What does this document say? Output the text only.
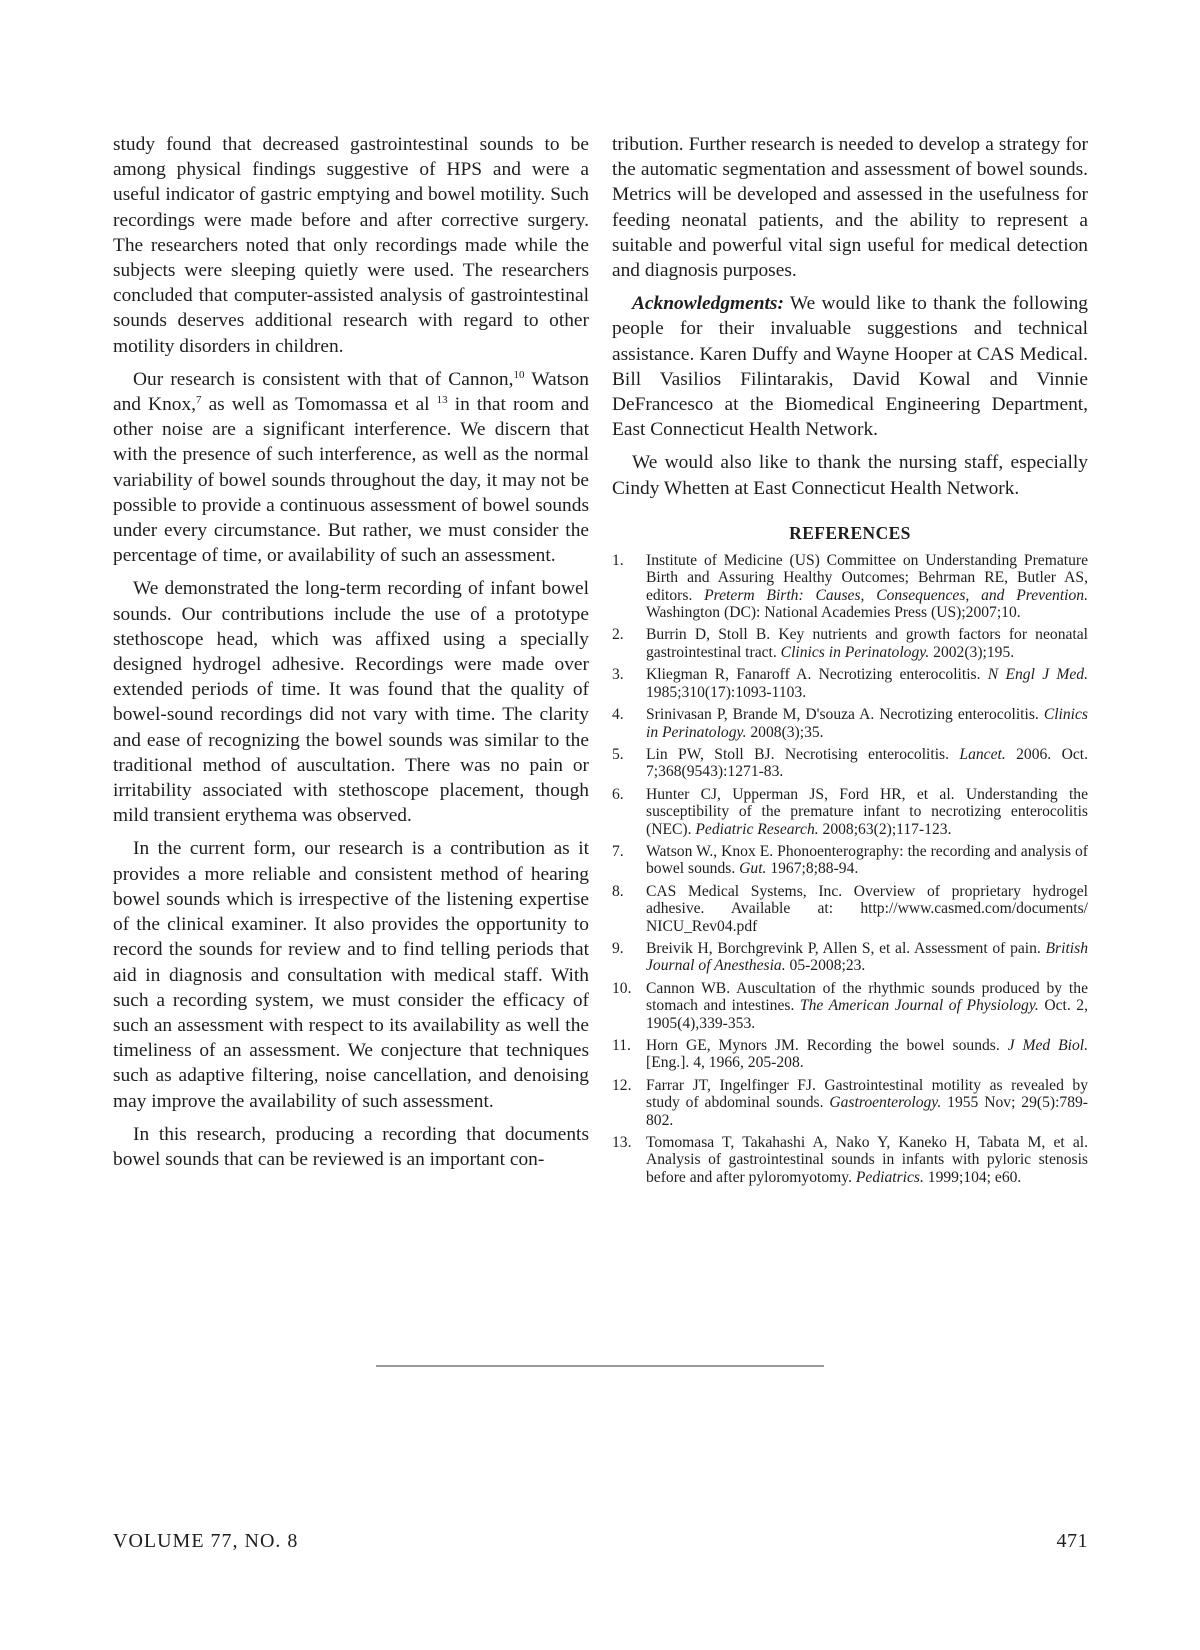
study found that decreased gastrointestinal sounds to be among physical findings suggestive of HPS and were a useful indicator of gastric emptying and bowel motility. Such recordings were made before and after corrective surgery. The researchers noted that only recordings made while the subjects were sleeping quietly were used. The researchers concluded that computer-assisted analysis of gastrointestinal sounds deserves additional research with regard to other motility disorders in children.

Our research is consistent with that of Cannon,$^{10}$ Watson and Knox,$^7$ as well as Tomomassa et al $^{13}$ in that room and other noise are a significant interference. We discern that with the presence of such interference, as well as the normal variability of bowel sounds throughout the day, it may not be possible to provide a continuous assessment of bowel sounds under every circumstance. But rather, we must consider the percentage of time, or availability of such an assessment.

We demonstrated the long-term recording of infant bowel sounds. Our contributions include the use of a prototype stethoscope head, which was affixed using a specially designed hydrogel adhesive. Recordings were made over extended periods of time. It was found that the quality of bowel-sound recordings did not vary with time. The clarity and ease of recognizing the bowel sounds was similar to the traditional method of auscultation. There was no pain or irritability associated with stethoscope placement, though mild transient erythema was observed.

In the current form, our research is a contribution as it provides a more reliable and consistent method of hearing bowel sounds which is irrespective of the listening expertise of the clinical examiner. It also provides the opportunity to record the sounds for review and to find telling periods that aid in diagnosis and consultation with medical staff. With such a recording system, we must consider the efficacy of such an assessment with respect to its availability as well the timeliness of an assessment. We conjecture that techniques such as adaptive filtering, noise cancellation, and denoising may improve the availability of such assessment.

In this research, producing a recording that documents bowel sounds that can be reviewed is an important con-

tribution. Further research is needed to develop a strategy for the automatic segmentation and assessment of bowel sounds. Metrics will be developed and assessed in the usefulness for feeding neonatal patients, and the ability to represent a suitable and powerful vital sign useful for medical detection and diagnosis purposes.

Acknowledgments: We would like to thank the following people for their invaluable suggestions and technical assistance. Karen Duffy and Wayne Hooper at CAS Medical. Bill Vasilios Filintarakis, David Kowal and Vinnie DeFrancesco at the Biomedical Engineering Department, East Connecticut Health Network.

We would also like to thank the nursing staff, especially Cindy Whetten at East Connecticut Health Network.

REFERENCES
1. Institute of Medicine (US) Committee on Understanding Premature Birth and Assuring Healthy Outcomes; Behrman RE, Butler AS, editors. Preterm Birth: Causes, Consequences, and Prevention. Washington (DC): National Academies Press (US);2007;10.
2. Burrin D, Stoll B. Key nutrients and growth factors for neonatal gastrointestinal tract. Clinics in Perinatology. 2002(3);195.
3. Kliegman R, Fanaroff A. Necrotizing enterocolitis. N Engl J Med. 1985;310(17):1093-1103.
4. Srinivasan P, Brande M, D'souza A. Necrotizing enterocolitis. Clinics in Perinatology. 2008(3);35.
5. Lin PW, Stoll BJ. Necrotising enterocolitis. Lancet. 2006. Oct. 7;368(9543):1271-83.
6. Hunter CJ, Upperman JS, Ford HR, et al. Understanding the susceptibility of the premature infant to necrotizing enterocolitis (NEC). Pediatric Research. 2008;63(2);117-123.
7. Watson W., Knox E. Phonoenterography: the recording and analysis of bowel sounds. Gut. 1967;8;88-94.
8. CAS Medical Systems, Inc. Overview of proprietary hydrogel adhesive. Available at: http://www.casmed.com/documents/ NICU_Rev04.pdf
9. Breivik H, Borchgrevink P, Allen S, et al. Assessment of pain. British Journal of Anesthesia. 05-2008;23.
10. Cannon WB. Auscultation of the rhythmic sounds produced by the stomach and intestines. The American Journal of Physiology. Oct. 2, 1905(4),339-353.
11. Horn GE, Mynors JM. Recording the bowel sounds. J Med Biol.[Eng.]. 4, 1966, 205-208.
12. Farrar JT, Ingelfinger FJ. Gastrointestinal motility as revealed by study of abdominal sounds. Gastroenterology. 1955 Nov; 29(5):789-802.
13. Tomomasa T, Takahashi A, Nako Y, Kaneko H, Tabata M, et al. Analysis of gastrointestinal sounds in infants with pyloric stenosis before and after pyloromyotomy. Pediatrics. 1999;104; e60.
VOLUME 77, NO. 8	471
